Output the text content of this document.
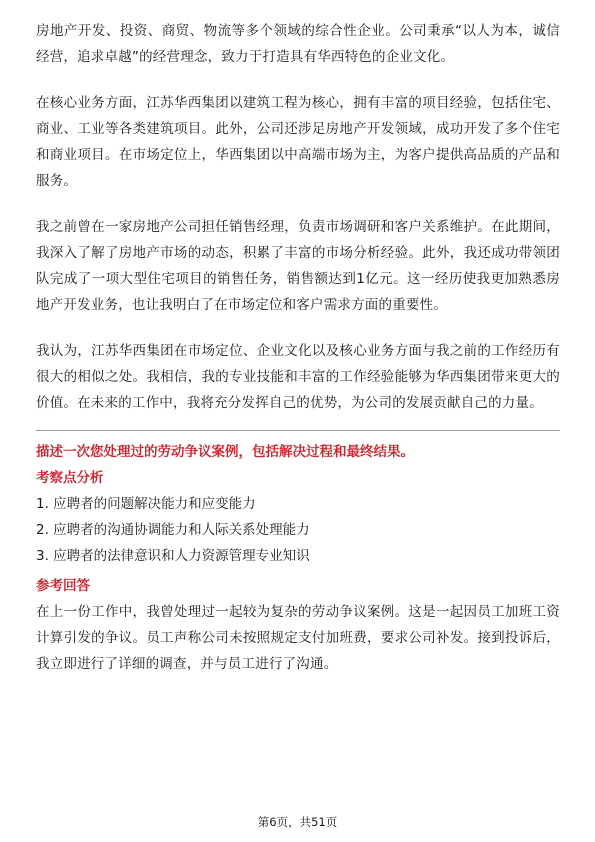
房地产开发、投资、商贸、物流等多个领域的综合性企业。公司秉承“以人为本，诚信经营，追求卓越”的经营理念，致力于打造具有华西特色的企业文化。

在核心业务方面，江苏华西集团以建筑工程为核心，拥有丰富的项目经验，包括住宅、商业、工业等各类建筑项目。此外，公司还涉足房地产开发领域，成功开发了多个住宅和商业项目。在市场定位上，华西集团以中高端市场为主，为客户提供高品质的产品和服务。

我之前曾在一家房地产公司担任销售经理，负责市场调研和客户关系维护。在此期间，我深入了解了房地产市场的动态，积累了丰富的市场分析经验。此外，我还成功带领团队完成了一项大型住宅项目的销售任务，销售额达到1亿元。这一经历使我更加熟悉房地产开发业务，也让我明白了在市场定位和客户需求方面的重要性。

我认为，江苏华西集团在市场定位、企业文化以及核心业务方面与我之前的工作经历有很大的相似之处。我相信，我的专业技能和丰富的工作经验能够为华西集团带来更大的价值。在未来的工作中，我将充分发挥自己的优势，为公司的发展贡献自己的力量。

描述一次您处理过的劳动争议案例，包括解决过程和最终结果。

考察点分析

1. 应聘者的问题解决能力和应变能力
2. 应聘者的沟通协调能力和人际关系处理能力
3. 应聘者的法律意识和人力资源管理专业知识

参考回答

在上一份工作中，我曾处理过一起较为复杂的劳动争议案例。这是一起因员工加班工资计算引发的争议。员工声称公司未按照规定支付加班费，要求公司补发。接到投诉后，我立即进行了详细的调查，并与员工进行了沟通。

第6页，共51页
